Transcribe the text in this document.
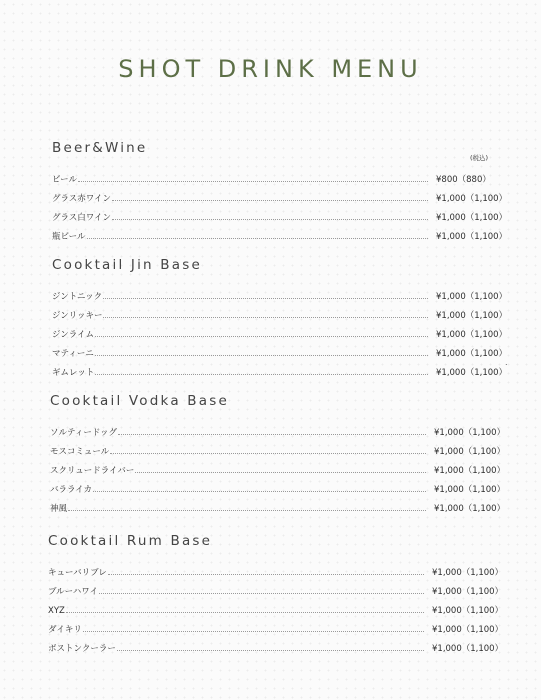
SHOT DRINK MENU
(税込)
Beer&Wine
ビール	¥800（880）
グラス赤ワイン	¥1,000（1,100）
グラス白ワイン	¥1,000（1,100）
瓶ビール	¥1,000（1,100）
Cooktail Jin Base
ジントニック	¥1,000（1,100）
ジンリッキー	¥1,000（1,100）
ジンライム	¥1,000（1,100）
マティーニ	¥1,000（1,100）
ギムレット	¥1,000（1,100）
.
Cooktail Vodka Base
ソルティードッグ	¥1,000（1,100）
モスコミュール	¥1,000（1,100）
スクリュードライバー	¥1,000（1,100）
バラライカ	¥1,000（1,100）
神風	¥1,000（1,100）
Cooktail Rum Base
キューバリブレ	¥1,000（1,100）
ブルーハワイ	¥1,000（1,100）
XYZ	¥1,000（1,100）
ダイキリ	¥1,000（1,100）
ボストンクーラー	¥1,000（1,100）
